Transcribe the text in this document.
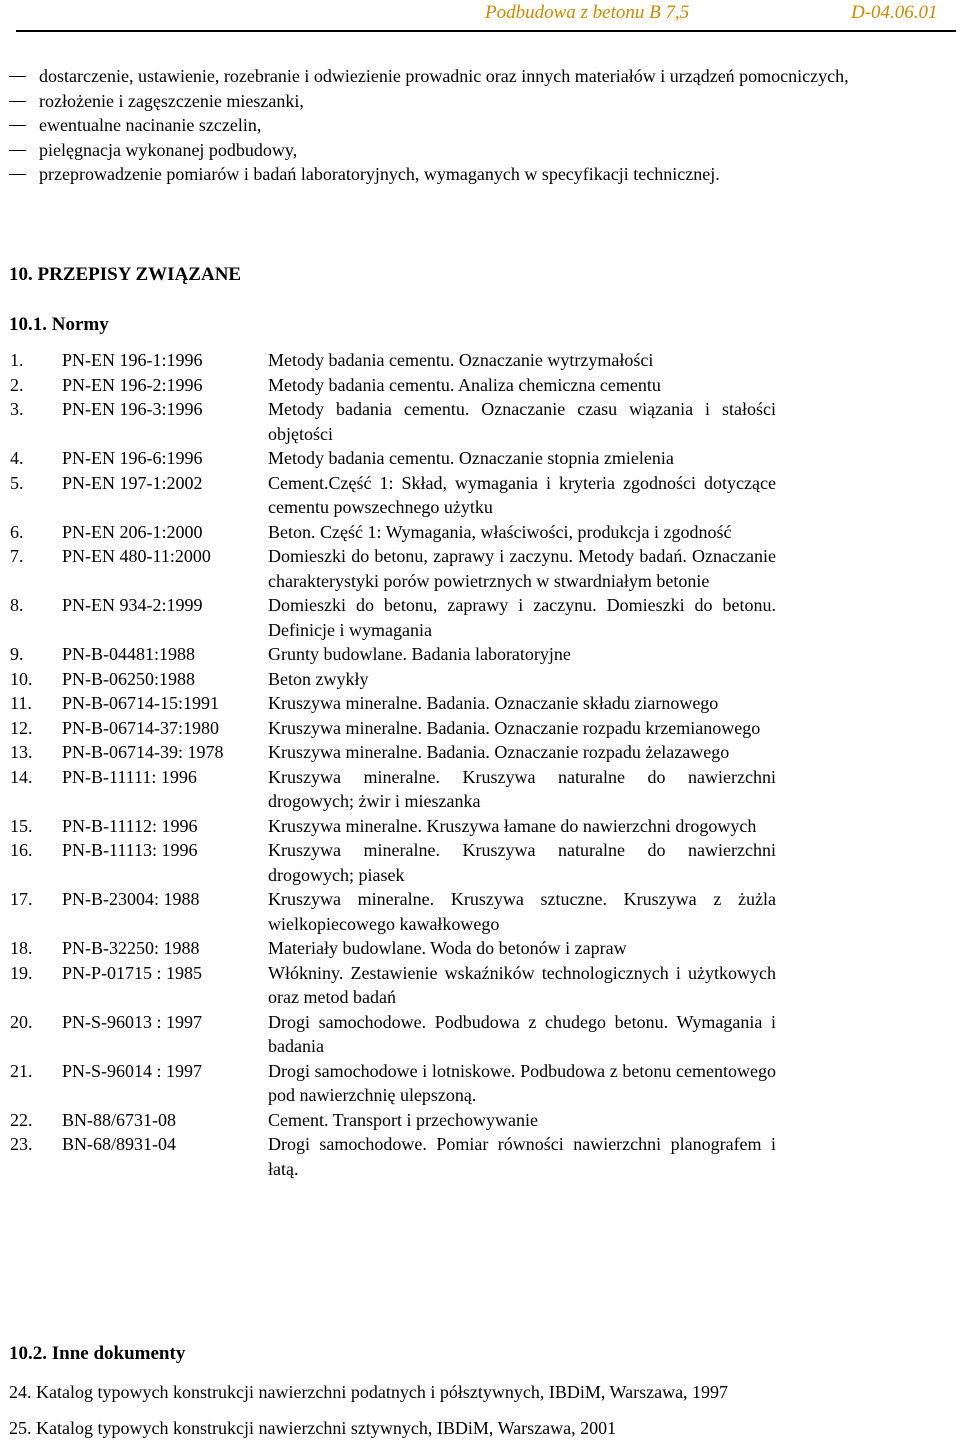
Podbudowa z betonu B 7,5	D-04.06.01
dostarczenie, ustawienie, rozebranie i odwiezienie prowadnic oraz innych materiałów i urządzeń pomocniczych,
rozłożenie i zagęszczenie mieszanki,
ewentualne nacinanie szczelin,
pielęgnacja wykonanej podbudowy,
przeprowadzenie pomiarów i badań laboratoryjnych, wymaganych w specyfikacji technicznej.
10. PRZEPISY ZWIĄZANE
10.1. Normy
1.	PN-EN 196-1:1996	Metody badania cementu. Oznaczanie wytrzymałości
2.	PN-EN 196-2:1996	Metody badania cementu. Analiza chemiczna cementu
3.	PN-EN 196-3:1996	Metody badania cementu. Oznaczanie czasu wiązania i stałości objętości
4.	PN-EN 196-6:1996	Metody badania cementu. Oznaczanie stopnia zmielenia
5.	PN-EN 197-1:2002	Cement.Część 1: Skład, wymagania i kryteria zgodności dotyczące cementu powszechnego użytku
6.	PN-EN 206-1:2000	Beton. Część 1: Wymagania, właściwości, produkcja i zgodność
7.	PN-EN 480-11:2000	Domieszki do betonu, zaprawy i zaczynu. Metody badań. Oznaczanie charakterystyki porów powietrznych w stwardniałym betonie
8.	PN-EN 934-2:1999	Domieszki do betonu, zaprawy i zaczynu. Domieszki do betonu. Definicje i wymagania
9.	PN-B-04481:1988	Grunty budowlane. Badania laboratoryjne
10.	PN-B-06250:1988	Beton zwykły
11.	PN-B-06714-15:1991	Kruszywa mineralne. Badania. Oznaczanie składu ziarnowego
12.	PN-B-06714-37:1980	Kruszywa mineralne. Badania. Oznaczanie rozpadu krzemianowego
13.	PN-B-06714-39: 1978 Kruszywa mineralne. Badania. Oznaczanie rozpadu żelazawego
14.	PN-B-11111: 1996	Kruszywa mineralne. Kruszywa naturalne do nawierzchni drogowych; żwir i mieszanka
15.	PN-B-11112: 1996	Kruszywa mineralne. Kruszywa łamane do nawierzchni drogowych
16.	PN-B-11113: 1996	Kruszywa mineralne. Kruszywa naturalne do nawierzchni drogowych; piasek
17.	PN-B-23004: 1988	Kruszywa mineralne. Kruszywa sztuczne. Kruszywa z żużla wielkopiecowego kawałkowego
18.	PN-B-32250: 1988	Materiały budowlane. Woda do betonów i zapraw
19.	PN-P-01715 : 1985	Włókniny. Zestawienie wskaźników technologicznych i użytkowych oraz metod badań
20.	PN-S-96013 : 1997	Drogi samochodowe. Podbudowa z chudego betonu. Wymagania i badania
21.	PN-S-96014 : 1997	Drogi samochodowe i lotniskowe. Podbudowa z betonu cementowego pod nawierzchnię ulepszoną.
22.	BN-88/6731-08	Cement. Transport i przechowywanie
23.	BN-68/8931-04	Drogi samochodowe. Pomiar równości nawierzchni planografem i łatą.
10.2. Inne dokumenty
24. Katalog typowych konstrukcji nawierzchni podatnych i półsztywnych, IBDiM, Warszawa, 1997
25. Katalog typowych konstrukcji nawierzchni sztywnych, IBDiM, Warszawa, 2001
